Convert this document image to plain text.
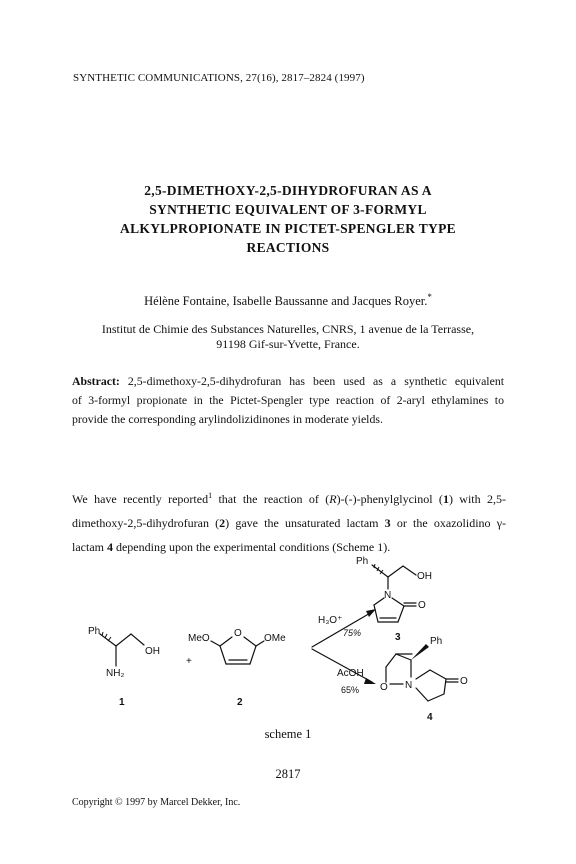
SYNTHETIC COMMUNICATIONS, 27(16), 2817–2824 (1997)
2,5-DIMETHOXY-2,5-DIHYDROFURAN AS A
SYNTHETIC EQUIVALENT OF 3-FORMYL
ALKYLPROPIONATE IN PICTET-SPENGLER TYPE
REACTIONS
Hélène Fontaine, Isabelle Baussanne and Jacques Royer.*
Institut de Chimie des Substances Naturelles, CNRS, 1 avenue de la Terrasse,
91198 Gif-sur-Yvette, France.
Abstract: 2,5-dimethoxy-2,5-dihydrofuran has been used as a synthetic equivalent
of 3-formyl propionate in the Pictet-Spengler type reaction of 2-aryl ethylamines to
provide the corresponding arylindolizidinones in moderate yields.
We have recently reported$^1$ that the reaction of (R)-(-)-phenylglycinol (1) with 2,5-
dimethoxy-2,5-dihydrofuran (2) gave the unsaturated lactam 3 or the oxazolidino γ-
lactam 4 depending upon the experimental conditions (Scheme 1).
Ph
OH
NH₂
MeO O OMe
+
H₃O⁺
75%
AcOH
65%
Ph
OH
N
O
Ph
O N	O
1	2
3
4
scheme 1
2817
Copyright © 1997 by Marcel Dekker, Inc.
